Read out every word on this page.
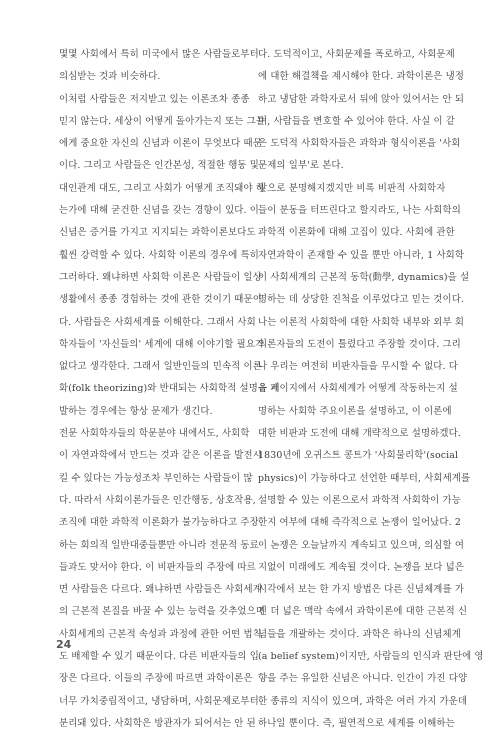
몇몇 사회에서 특히 미국에서 많은 사람들로부터
의심받는 것과 비슷하다.
이처럼 사람들은 저지받고 있는 이론조차 종종
믿지 않는다. 세상이 어떻게 돌아가는지 또는 그들
에게 중요한 자신의 신념과 이론이 무엇보다 때문
이다. 그리고 사람들은 인간본성, 적절한 행동 및
대인관계 대도, 그리고 사회가 어떻게 조직돼야 하
는가에 대해 굳건한 신념을 갖는 경향이 있다. 이
신념은 증거를 가지고 지지되는 과학이론보다도
훨씬 강력할 수 있다. 사회학 이론의 경우에 특히
그러하다. 왜냐하면 사회학 이론은 사람들이 일상
생활에서 종종 경험하는 것에 관한 것이기 때문이
다. 사람들은 사회세계를 이해한다. 그래서 사회
학자들이 '자신들의' 세계에 대해 이야기할 필요가
없다고 생각한다. 그래서 일반인들의 민속적 이론
화(folk theorizing)와 반대되는 사회학적 설명을 개
발하는 경우에는 항상 문제가 생긴다.
전문 사회학자들의 학문분야 내에서도, 사회학
이 자연과학에서 만드는 것과 같은 이론을 발전시
킬 수 있다는 가능성조차 부인하는 사람들이 많
다. 따라서 사회이론가들은 인간행동, 상호작용,
조직에 대한 과학적 이론화가 불가능하다고 주장
하는 회의적 일반대중들뿐만 아니라 전문적 동료
들과도 맞서야 한다. 이 비판자들의 주장에 따르
면 사람들은 다르다. 왜냐하면 사람들은 사회세계
의 근본적 본질을 바꿀 수 있는 능력을 갖추었으며
사회세계의 근본적 속성과 과정에 관한 어떤 법칙
도 배제할 수 있기 때문이다. 다른 비판자들의 입
장은 다르다. 이들의 주장에 따르면 과학이론은
너무 가치중립적이고, 냉담하며, 사회문제로부터
분리돼 있다. 사회학은 방관자가 되어서는 안 된
다. 도덕적이고, 사회문제를 폭로하고, 사회문제
에 대한 해결책을 제시해야 한다. 과학이론은 냉정
하고 냉담한 과학자로서 뒤에 앉아 있어서는 안 되
며, 사람들을 변호할 수 있어야 한다. 사실 이 같
은 도덕적 사회학자들은 과학과 형식이론을 '사회
문제의 일부'로 본다.
앞으로 분명해지겠지만 비록 비판적 사회학자
들이 분동을 터뜨린다고 할지라도, 나는 사회학의
과학적 이론화에 대해 고집이 있다. 사회에 관한
자연과학이 존재할 수 있을 뿐만 아니라, 1 사회학
이 사회세계의 근본적 동학(動學, dynamics)을 설
명하는 데 상당한 진척을 이루었다고 믿는 것이다.
나는 이론적 사회학에 대한 사회학 내부와 외부 회
의론자들의 도전이 틀렸다고 주장할 것이다. 그리
나 우리는 여전히 비판자들을 무시할 수 없다. 다
음 페이지에서 사회세계가 어떻게 작동하는지 설
명하는 사회학 주요이론을 설명하고, 이 이론에
대한 비판과 도전에 대해 개략적으로 설명하겠다.
1830년에 오귀스트 콩트가 '사회물리학'(social
physics)이 가능하다고 선언한 때부터, 사회세계를
설명할 수 있는 이론으로서 과학적 사회학이 가능
한지 여부에 대해 즉각적으로 논쟁이 일어났다. 2
이 논쟁은 오늘날까지 계속되고 있으며, 의심할 여
지없이 미래에도 계속될 것이다. 논쟁을 보다 넓은
시각에서 보는 한 가지 방법은 다른 신념체계를 가
진 더 넓은 맥락 속에서 과학이론에 대한 근본적 신
념들을 개괄하는 것이다. 과학은 하나의 신념체계
(a belief system)이지만, 사람들의 인식과 판단에 영
향을 주는 유일한 신념은 아니다. 인간이 가진 다양
한 종류의 지식이 있으며, 과학은 여러 가지 가운데
하나일 뿐이다. 즉, 필연적으로 세계를 이해하는
24
